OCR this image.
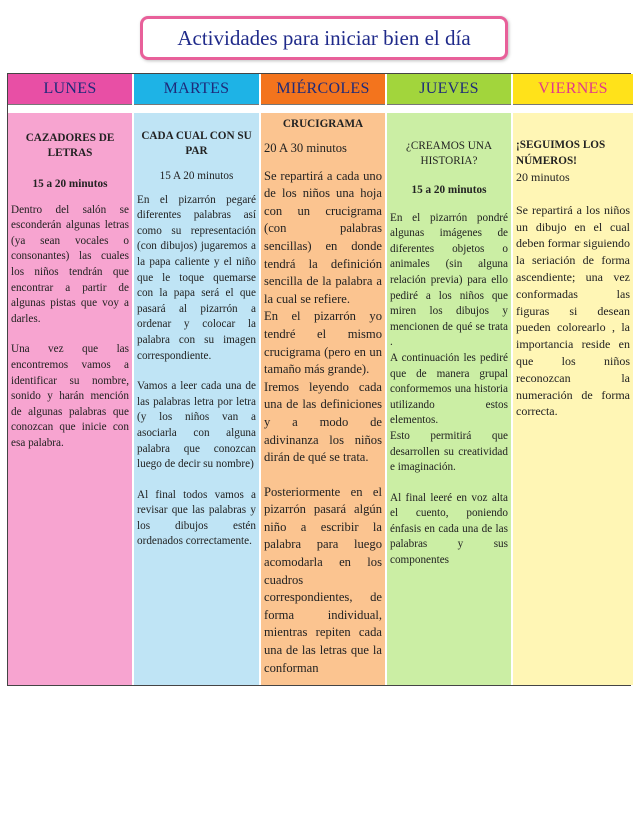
Actividades para iniciar bien el día
LUNES

CAZADORES DE LETRAS

15 a 20 minutos

Dentro del salón se esconderán algunas letras (ya sean vocales o consonantes) las cuales los niños tendrán que encontrar a partir de algunas pistas que voy a darles.

Una vez que las encontremos vamos a identificar su nombre, sonido y harán mención de algunas palabras que conozcan que inicie con esa palabra.

MARTES

CADA CUAL CON SU PAR

15 A 20 minutos

En el pizarrón pegaré diferentes palabras así como su representación (con dibujos) jugaremos a la papa caliente y el niño que le toque quemarse con la papa será el que pasará al pizarrón a ordenar y colocar la palabra con su imagen correspondiente.

Vamos a leer cada una de las palabras letra por letra (y los niños van a asociarla con alguna palabra que conozcan luego de decir su nombre)

Al final todos vamos a revisar que las palabras y los dibujos estén ordenados correctamente.

MIÉRCOLES

CRUCIGRAMA

20 A 30 minutos

Se repartirá a cada uno de los niños una hoja con un crucigrama (con palabras sencillas) en donde tendrá la definición sencilla de la palabra a la cual se refiere.

En el pizarrón yo tendré el mismo crucigrama (pero en un tamaño más grande).

Iremos leyendo cada una de las definiciones y a modo de adivinanza los niños dirán de qué se trata.

Posteriormente en el pizarrón pasará algún niño a escribir la palabra para luego acomodarla en los cuadros correspondientes, de forma individual, mientras repiten cada una de las letras que la conforman

JUEVES

¿CREAMOS UNA HISTORIA?

15 a 20 minutos

En el pizarrón pondré algunas imágenes de diferentes objetos o animales (sin alguna relación previa) para ello pediré a los niños que miren los dibujos y mencionen de qué se trata .

A continuación les pediré que de manera grupal conformemos una historia utilizando estos elementos.

Esto permitirá que desarrollen su creatividad e imaginación.

Al final leeré en voz alta el cuento, poniendo énfasis en cada una de las palabras y sus componentes

VIERNES

¡SEGUIMOS LOS NÚMEROS!

20 minutos

Se repartirá a los niños un dibujo en el cual deben formar siguiendo la seriación de forma ascendiente; una vez conformadas las figuras si desean pueden colorearlo , la importancia reside en que los niños reconozcan la numeración de forma correcta.
